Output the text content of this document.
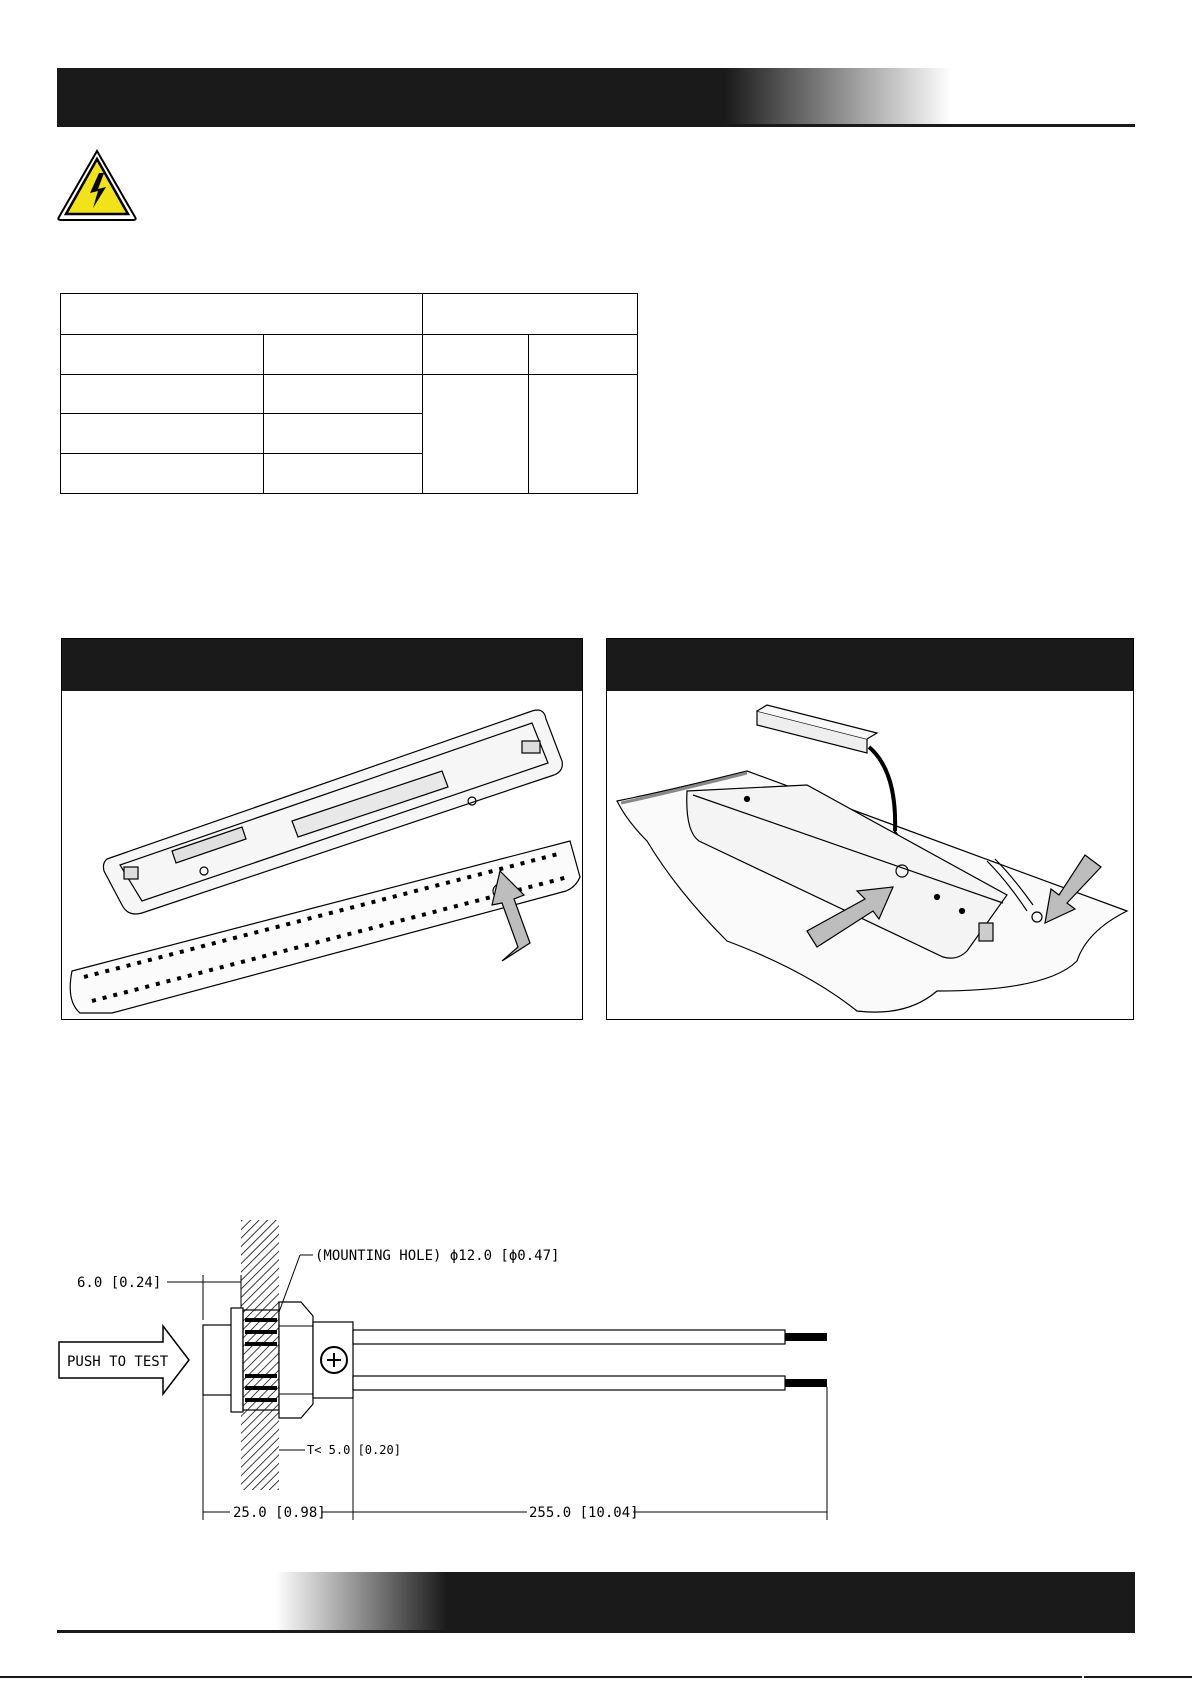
PUSH TO TEST
(MOUNTING HOLE) ϕ12.0 [ϕ0.47]
6.0 [0.24]
T< 5.0 [0.20]
25.0 [0.98]	255.0 [10.04]
